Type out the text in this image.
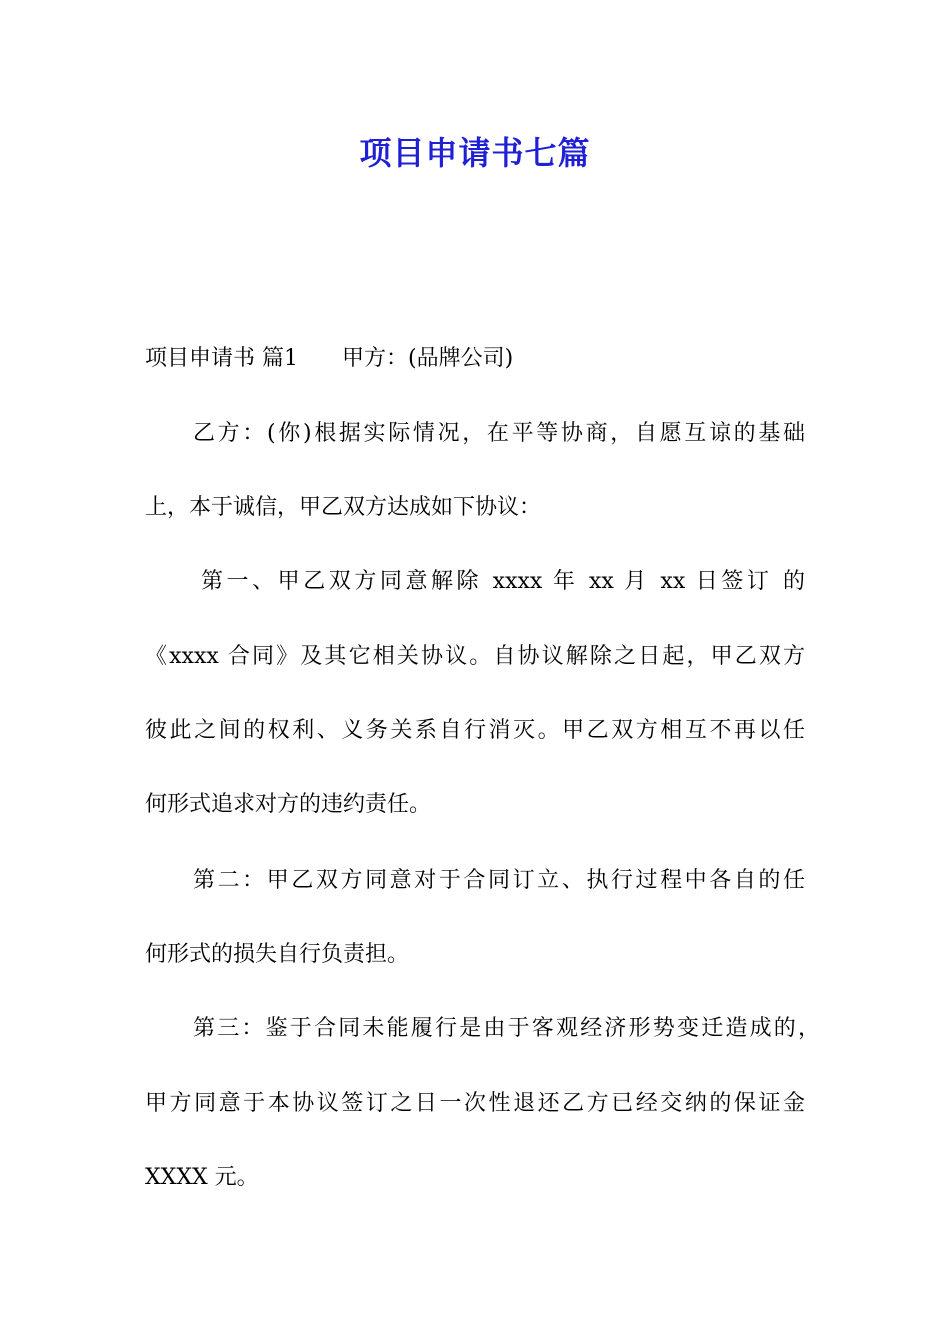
项目申请书七篇
项目申请书 篇1 甲方：(品牌公司)
乙方：(你)根据实际情况，在平等协商，自愿互谅的基础
上，本于诚信，甲乙双方达成如下协议：
第一、甲乙双方同意解除 xxxx 年 xx 月 xx 日签订 的
《xxxx 合同》及其它相关协议。自协议解除之日起，甲乙双方
彼此之间的权利、义务关系自行消灭。甲乙双方相互不再以任
何形式追求对方的违约责任。
第二：甲乙双方同意对于合同订立、执行过程中各自的任
何形式的损失自行负责担。
第三：鉴于合同未能履行是由于客观经济形势变迁造成的，
甲方同意于本协议签订之日一次性退还乙方已经交纳的保证金
XXXX 元。
